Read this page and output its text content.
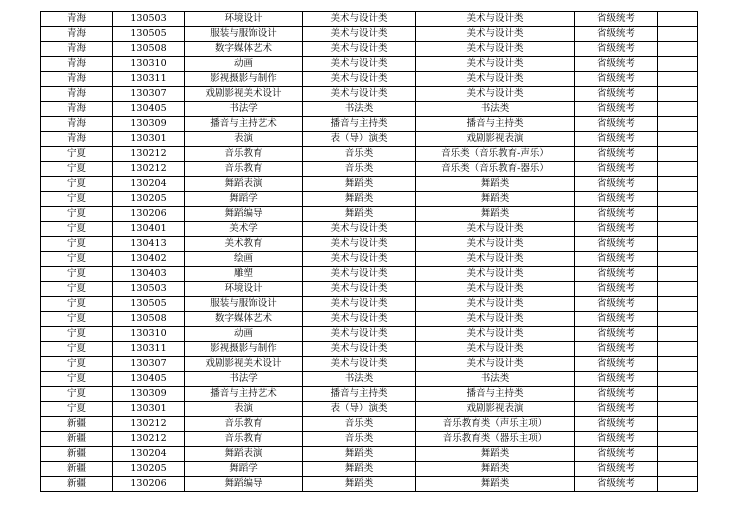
青海	130503	环境设计	美术与设计类	美术与设计类	省级统考	
青海	130505	服装与服饰设计	美术与设计类	美术与设计类	省级统考	
青海	130508	数字媒体艺术	美术与设计类	美术与设计类	省级统考	
青海	130310	动画	美术与设计类	美术与设计类	省级统考	
青海	130311	影视摄影与制作	美术与设计类	美术与设计类	省级统考	
青海	130307	戏剧影视美术设计	美术与设计类	美术与设计类	省级统考	
青海	130405	书法学	书法类	书法类	省级统考	
青海	130309	播音与主持艺术	播音与主持类	播音与主持类	省级统考	
青海	130301	表演	表（导）演类	戏剧影视表演	省级统考	
宁夏	130212	音乐教育	音乐类	音乐类（音乐教育-声乐）	省级统考	
宁夏	130212	音乐教育	音乐类	音乐类（音乐教育-器乐）	省级统考	
宁夏	130204	舞蹈表演	舞蹈类	舞蹈类	省级统考	
宁夏	130205	舞蹈学	舞蹈类	舞蹈类	省级统考	
宁夏	130206	舞蹈编导	舞蹈类	舞蹈类	省级统考	
宁夏	130401	美术学	美术与设计类	美术与设计类	省级统考	
宁夏	130413	美术教育	美术与设计类	美术与设计类	省级统考	
宁夏	130402	绘画	美术与设计类	美术与设计类	省级统考	
宁夏	130403	雕塑	美术与设计类	美术与设计类	省级统考	
宁夏	130503	环境设计	美术与设计类	美术与设计类	省级统考	
宁夏	130505	服装与服饰设计	美术与设计类	美术与设计类	省级统考	
宁夏	130508	数字媒体艺术	美术与设计类	美术与设计类	省级统考	
宁夏	130310	动画	美术与设计类	美术与设计类	省级统考	
宁夏	130311	影视摄影与制作	美术与设计类	美术与设计类	省级统考	
宁夏	130307	戏剧影视美术设计	美术与设计类	美术与设计类	省级统考	
宁夏	130405	书法学	书法类	书法类	省级统考	
宁夏	130309	播音与主持艺术	播音与主持类	播音与主持类	省级统考	
宁夏	130301	表演	表（导）演类	戏剧影视表演	省级统考	
新疆	130212	音乐教育	音乐类	音乐教育类（声乐主项）	省级统考	
新疆	130212	音乐教育	音乐类	音乐教育类（器乐主项）	省级统考	
新疆	130204	舞蹈表演	舞蹈类	舞蹈类	省级统考	
新疆	130205	舞蹈学	舞蹈类	舞蹈类	省级统考	
新疆	130206	舞蹈编导	舞蹈类	舞蹈类	省级统考	
